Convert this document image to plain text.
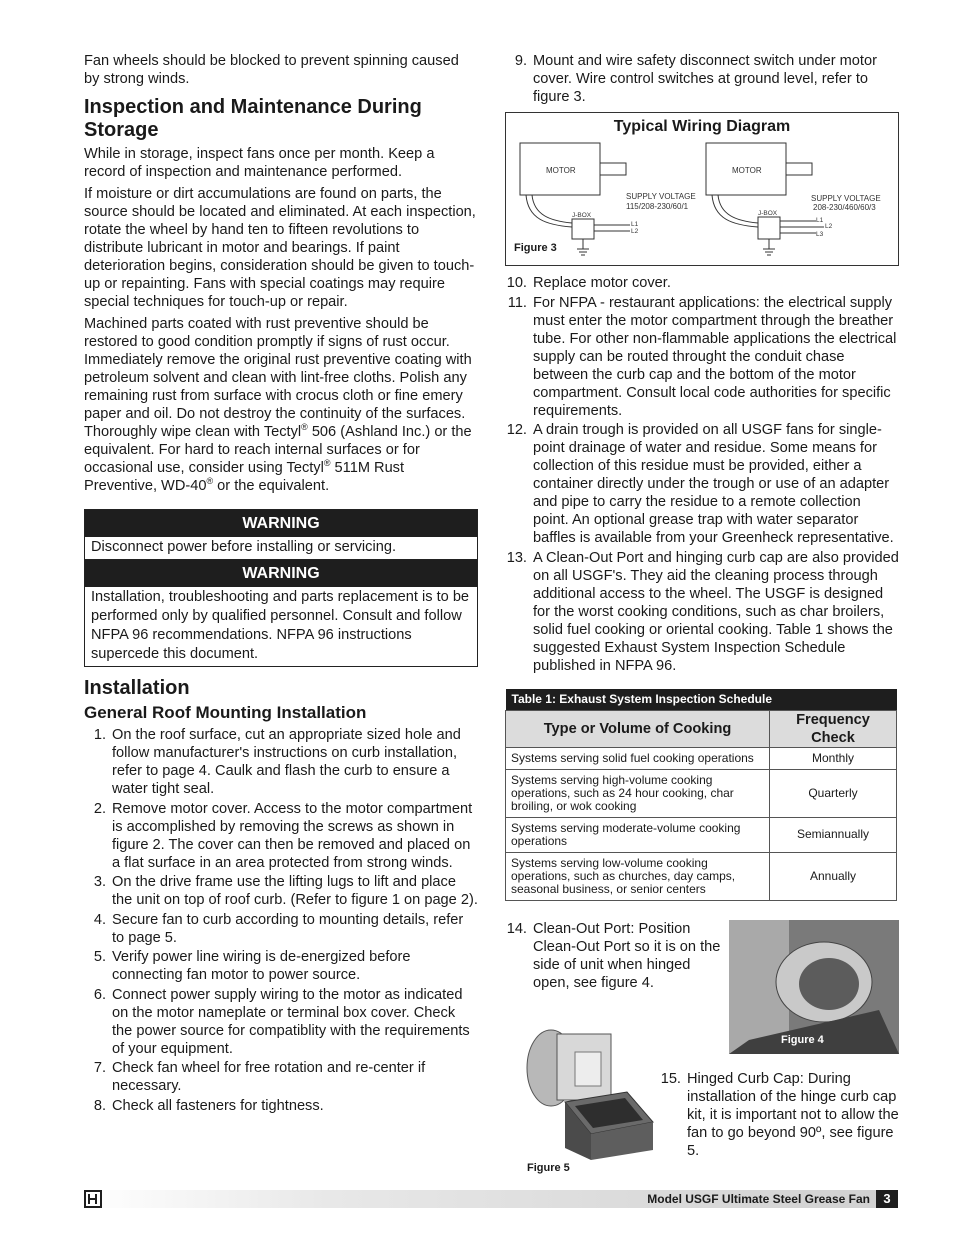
Fan wheels should be blocked to prevent spinning caused by strong winds.

Inspection and Maintenance During Storage

While in storage, inspect fans once per month. Keep a record of inspection and maintenance performed.

If moisture or dirt accumulations are found on parts, the source should be located and eliminated. At each inspection, rotate the wheel by hand ten to fifteen revolutions to distribute lubricant in motor and bearings. If paint deterioration begins, consideration should be given to touch-up or repainting. Fans with special coatings may require special techniques for touch-up or repair.

Machined parts coated with rust preventive should be restored to good condition promptly if signs of rust occur. Immediately remove the original rust preventive coating with petroleum solvent and clean with lint-free cloths. Polish any remaining rust from surface with crocus cloth or fine emery paper and oil. Do not destroy the continuity of the surfaces. Thoroughly wipe clean with Tectyl® 506 (Ashland Inc.) or the equivalent. For hard to reach internal surfaces or for occasional use, consider using Tectyl® 511M Rust Preventive, WD-40® or the equivalent.

WARNING
Disconnect power before installing or servicing.
WARNING
Installation, troubleshooting and parts replacement is to be performed only by qualified personnel. Consult and follow NFPA 96 recommendations. NFPA 96 instructions supercede this document.
Installation
General Roof Mounting Installation
1. On the roof surface, cut an appropriate sized hole and follow manufacturer's instructions on curb installation, refer to page 4. Caulk and flash the curb to ensure a water tight seal.
2. Remove motor cover. Access to the motor compartment is accomplished by removing the screws as shown in figure 2. The cover can then be removed and placed on a flat surface in an area protected from strong winds.
3. On the drive frame use the lifting lugs to lift and place the unit on top of roof curb. (Refer to figure 1 on page 2).
4. Secure fan to curb according to mounting details, refer to page 5.
5. Verify power line wiring is de-energized before connecting fan motor to power source.
6. Connect power supply wiring to the motor as indicated on the motor nameplate or terminal box cover. Check the power source for compatiblity with the requirements of your equipment.
7. Check fan wheel for free rotation and re-center if necessary.
8. Check all fasteners for tightness.
9. Mount and wire safety disconnect switch under motor cover. Wire control switches at ground level, refer to figure 3.
Typical Wiring Diagram
MOTOR	MOTOR
SUPPLY VOLTAGE
115/208-230/60/1
SUPPLY VOLTAGE
208-230/460/60/3
J-BOX	J-BOX
L1
L2
L1
L2
L3
Figure 3
10. Replace motor cover.
11. For NFPA - restaurant applications: the electrical supply must enter the motor compartment through the breather tube. For other non-flammable applications the electrical supply can be routed throught the conduit chase between the curb cap and the bottom of the motor compartment. Consult local code authorities for specific requirements.
12. A drain trough is provided on all USGF fans for single-point drainage of water and residue. Some means for collection of this residue must be provided, either a container directly under the trough or use of an adapter and pipe to carry the residue to a remote collection point. An optional grease trap with water separator baffles is available from your Greenheck representative.
13. A Clean-Out Port and hinging curb cap are also provided on all USGF's. They aid the cleaning process through additional access to the wheel. The USGF is designed for the worst cooking conditions, such as char broilers, solid fuel cooking or oriental cooking. Table 1 shows the suggested Exhaust System Inspection Schedule published in NFPA 96.
Table 1: Exhaust System Inspection Schedule	
Type or Volume of Cooking	Frequency Check
Systems serving solid fuel cooking operations	Monthly
Systems serving high-volume cooking operations, such as 24 hour cooking, char broiling, or wok cooking	Quarterly
Systems serving moderate-volume cooking operations	Semiannually
Systems serving low-volume cooking operations, such as churches, day camps, seasonal business, or senior centers	Annually
14. Clean-Out Port: Position Clean-Out Port so it is on the side of unit when hinged open, see figure 4.
Figure 4
Figure 5
15. Hinged Curb Cap: During installation of the hinge curb cap kit, it is important not to allow the fan to go beyond 90º, see figure 5.
Model USGF Ultimate Steel Grease Fan	3
